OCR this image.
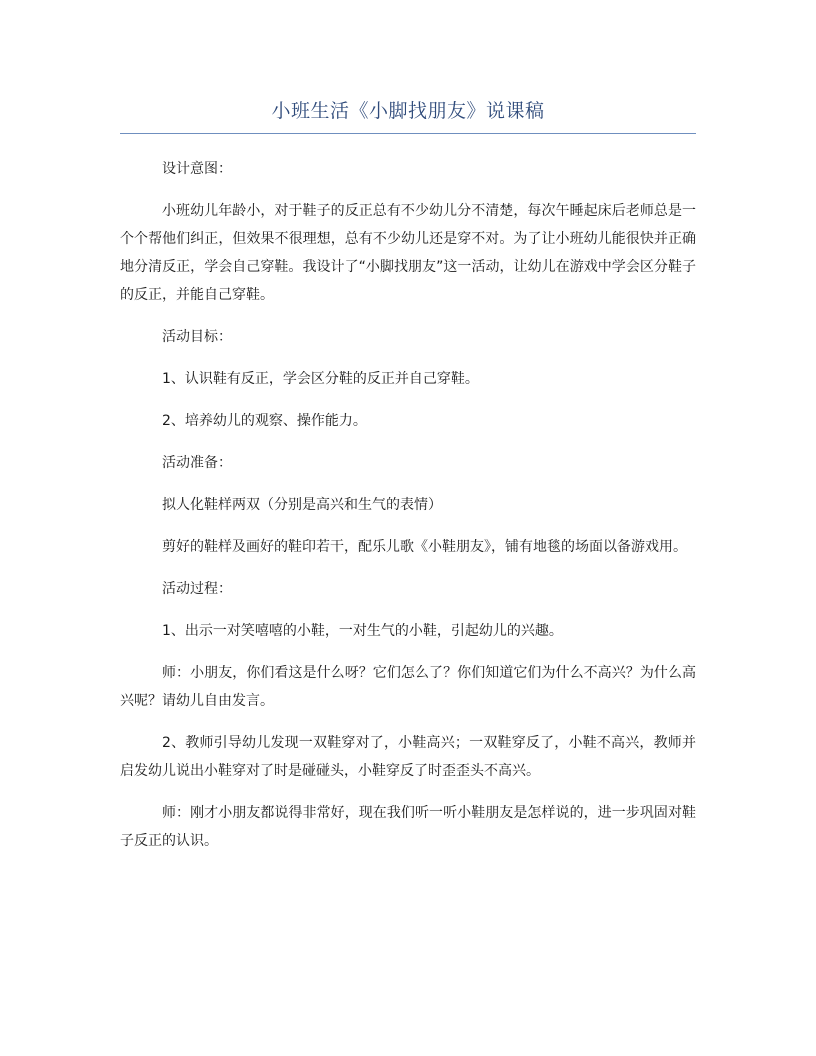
小班生活《小脚找朋友》说课稿

设计意图：

小班幼儿年龄小，对于鞋子的反正总有不少幼儿分不清楚，每次午睡起床后老师总是一个个帮他们纠正，但效果不很理想，总有不少幼儿还是穿不对。为了让小班幼儿能很快并正确地分清反正，学会自己穿鞋。我设计了“小脚找朋友”这一活动，让幼儿在游戏中学会区分鞋子的反正，并能自己穿鞋。

活动目标：

1、认识鞋有反正，学会区分鞋的反正并自己穿鞋。

2、培养幼儿的观察、操作能力。

活动准备：

拟人化鞋样两双（分别是高兴和生气的表情）

剪好的鞋样及画好的鞋印若干，配乐儿歌《小鞋朋友》，铺有地毯的场面以备游戏用。

活动过程：

1、出示一对笑嘻嘻的小鞋，一对生气的小鞋，引起幼儿的兴趣。

师：小朋友，你们看这是什么呀？它们怎么了？你们知道它们为什么不高兴？为什么高兴呢？请幼儿自由发言。

2、教师引导幼儿发现一双鞋穿对了，小鞋高兴；一双鞋穿反了，小鞋不高兴，教师并启发幼儿说出小鞋穿对了时是碰碰头，小鞋穿反了时歪歪头不高兴。

师：刚才小朋友都说得非常好，现在我们听一听小鞋朋友是怎样说的，进一步巩固对鞋子反正的认识。
